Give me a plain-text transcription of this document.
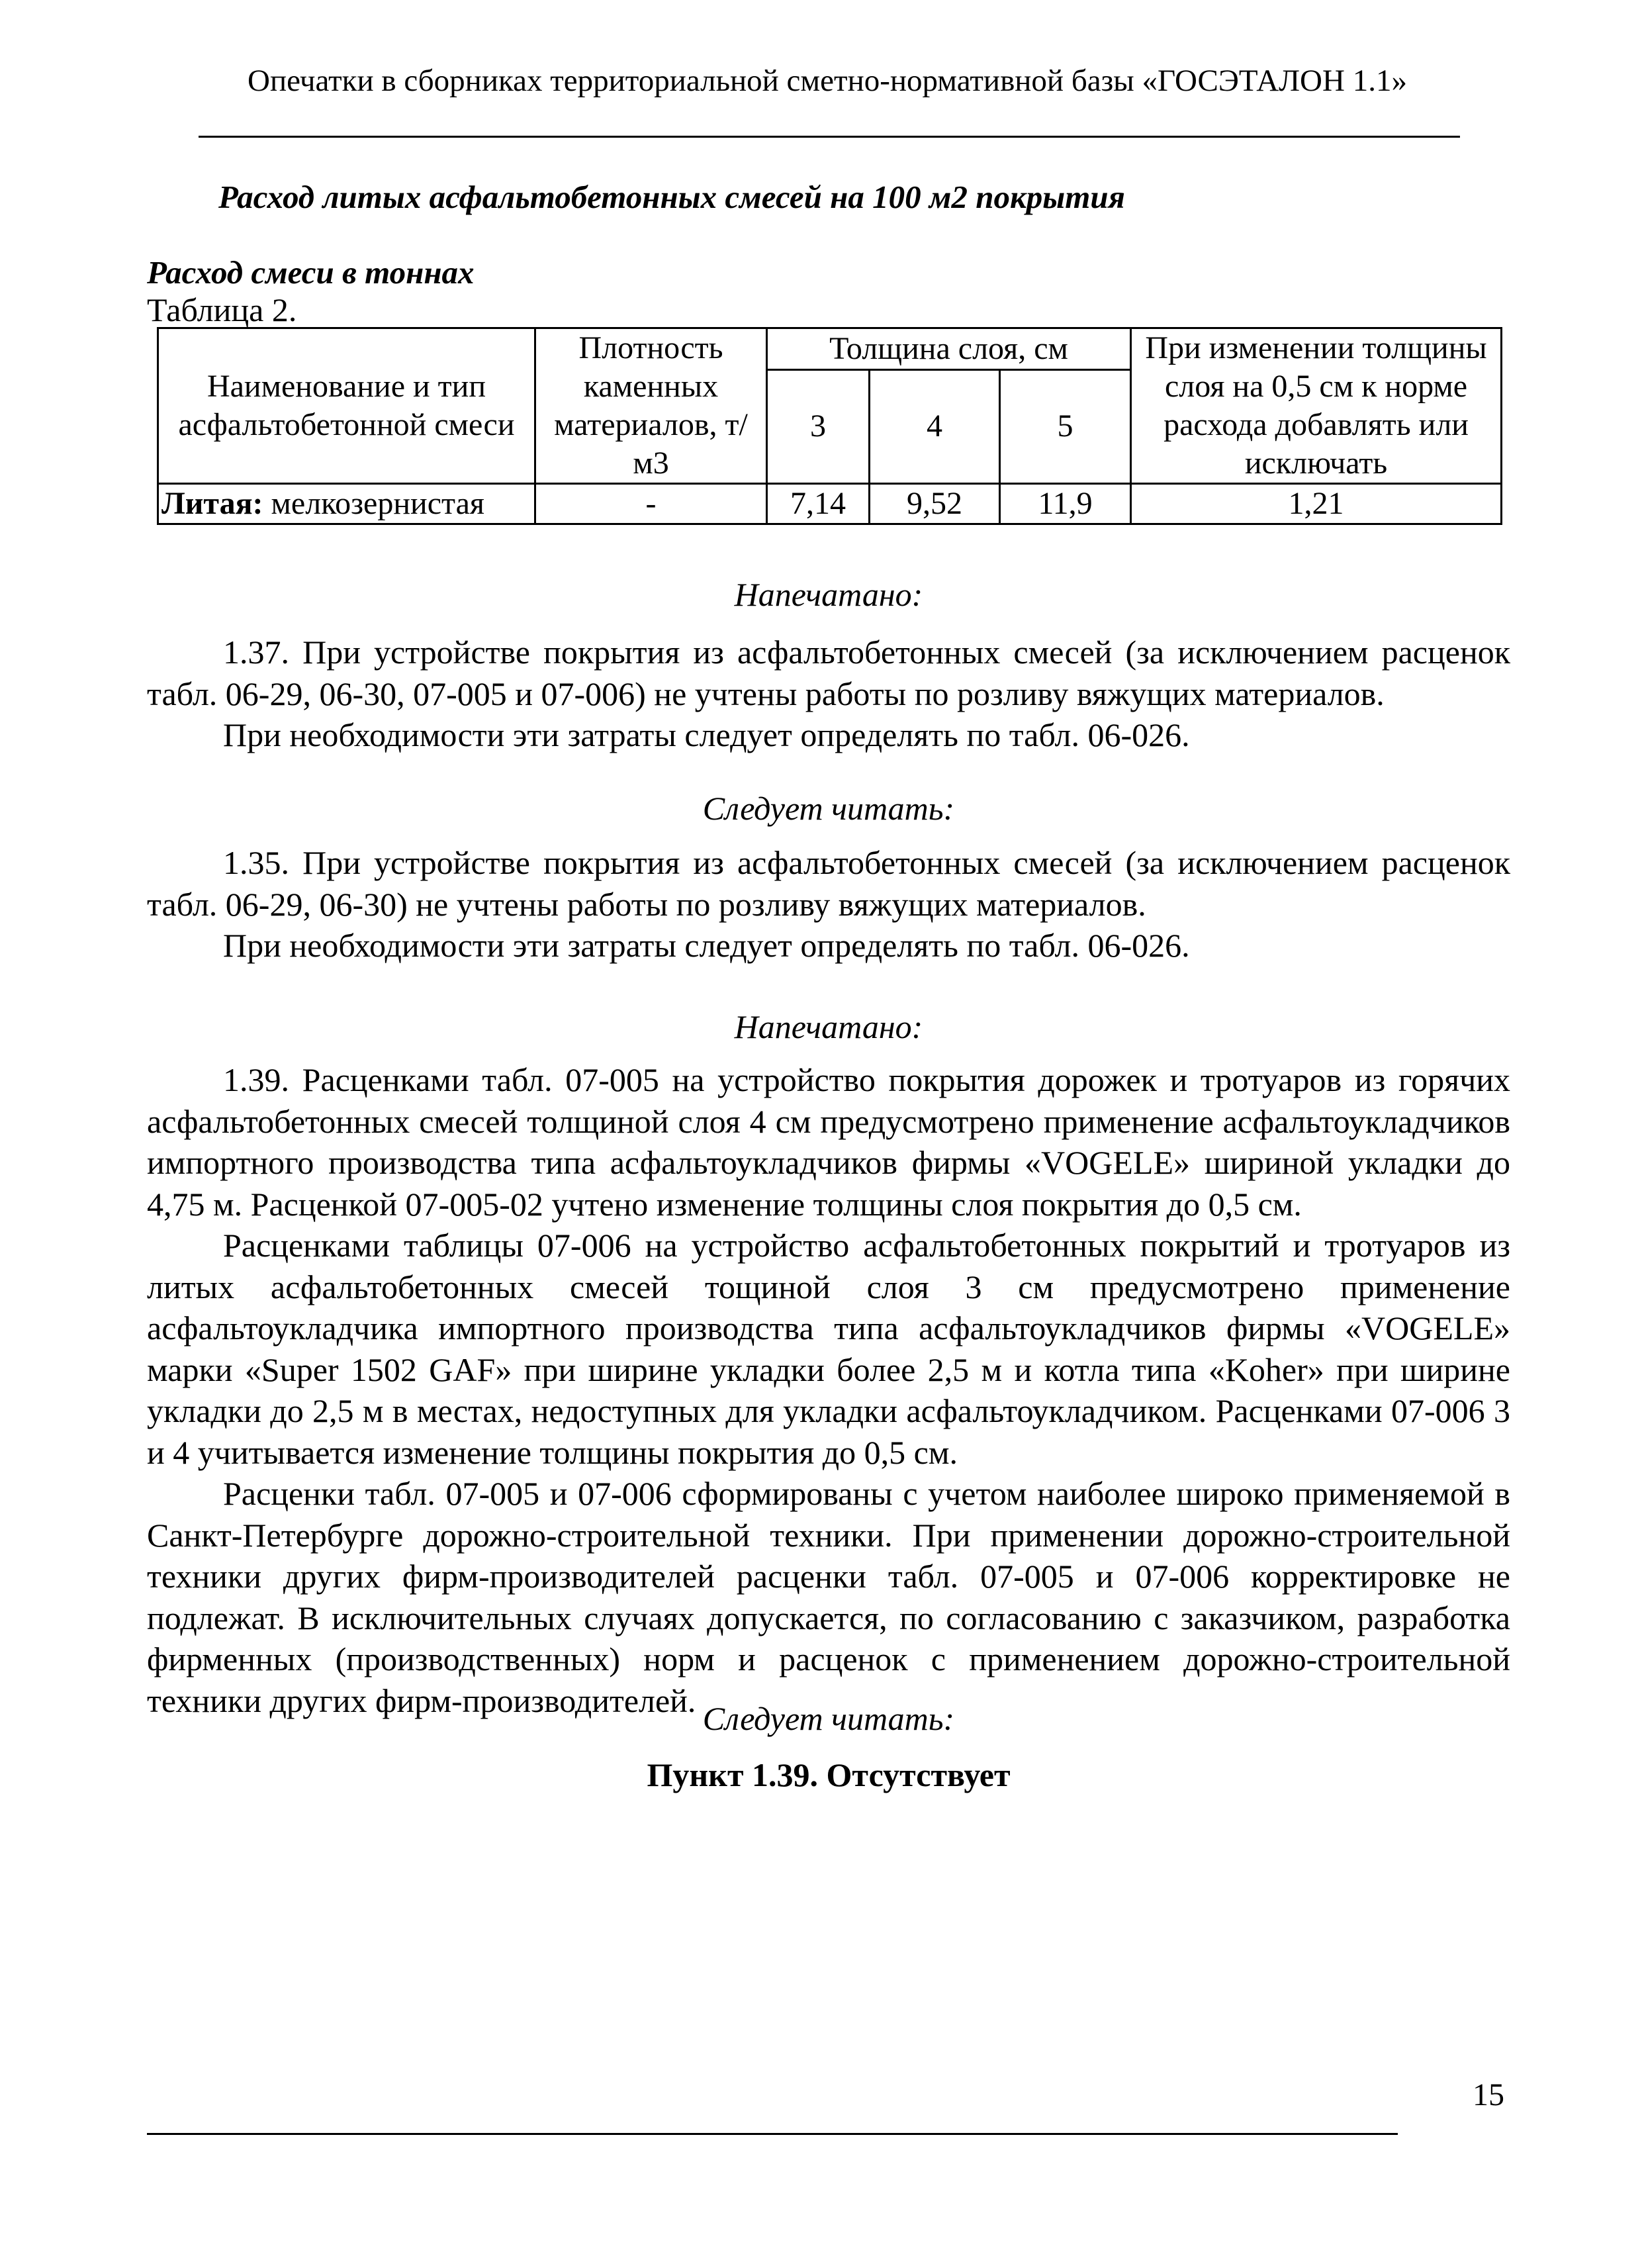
Опечатки в сборниках территориальной сметно-нормативной базы «ГОСЭТАЛОН 1.1»
Расход литых асфальтобетонных смесей на 100 м2 покрытия
Расход смеси в тоннах
Таблица 2.
Наименование и тип асфальтобетонной смеси	Плотность каменных материалов, т/м3	Толщина слоя, см			При изменении толщины слоя на 0,5 см к норме расхода добавлять или исключать
		3	4	5	
Литая: мелкозернистая	-	7,14	9,52	11,9	1,21
Напечатано:

1.37. При устройстве покрытия из асфальтобетонных смесей (за исключением расценок табл. 06-29, 06-30, 07-005 и 07-006) не учтены работы по розливу вяжущих материалов.

При необходимости эти затраты следует определять по табл. 06-026.

Следует читать:

1.35. При устройстве покрытия из асфальтобетонных смесей (за исключением расценок табл. 06-29, 06-30) не учтены работы по розливу вяжущих материалов.

При необходимости эти затраты следует определять по табл. 06-026.

Напечатано:

1.39. Расценками табл. 07-005 на устройство покрытия дорожек и тротуаров из горячих асфальтобетонных смесей толщиной слоя 4 см предусмотрено применение асфальтоукладчиков импортного производства типа асфальтоукладчиков фирмы «VOGELE» шириной укладки до 4,75 м. Расценкой 07-005-02 учтено изменение толщины слоя покрытия до 0,5 см.

Расценками таблицы 07-006 на устройство асфальтобетонных покрытий и тротуаров из литых асфальтобетонных смесей тощиной слоя 3 см предусмотрено применение асфальтоукладчика импортного производства типа асфальтоукладчиков фирмы «VOGELE» марки «Super 1502 GAF» при ширине укладки более 2,5 м и котла типа «Koher» при ширине укладки до 2,5 м в местах, недоступных для укладки асфальтоукладчиком. Расценками 07-006 3 и 4 учитывается изменение толщины покрытия до 0,5 см.

Расценки табл. 07-005 и 07-006 сформированы с учетом наиболее широко применяемой в Санкт-Петербурге дорожно-строительной техники. При применении дорожно-строительной техники других фирм-производителей расценки табл. 07-005 и 07-006 корректировке не подлежат. В исключительных случаях допускается, по согласованию с заказчиком, разработка фирменных (производственных) норм и расценок с применением дорожно-строительной техники других фирм-производителей. Следует читать:
Пункт 1.39. Отсутствует
15
